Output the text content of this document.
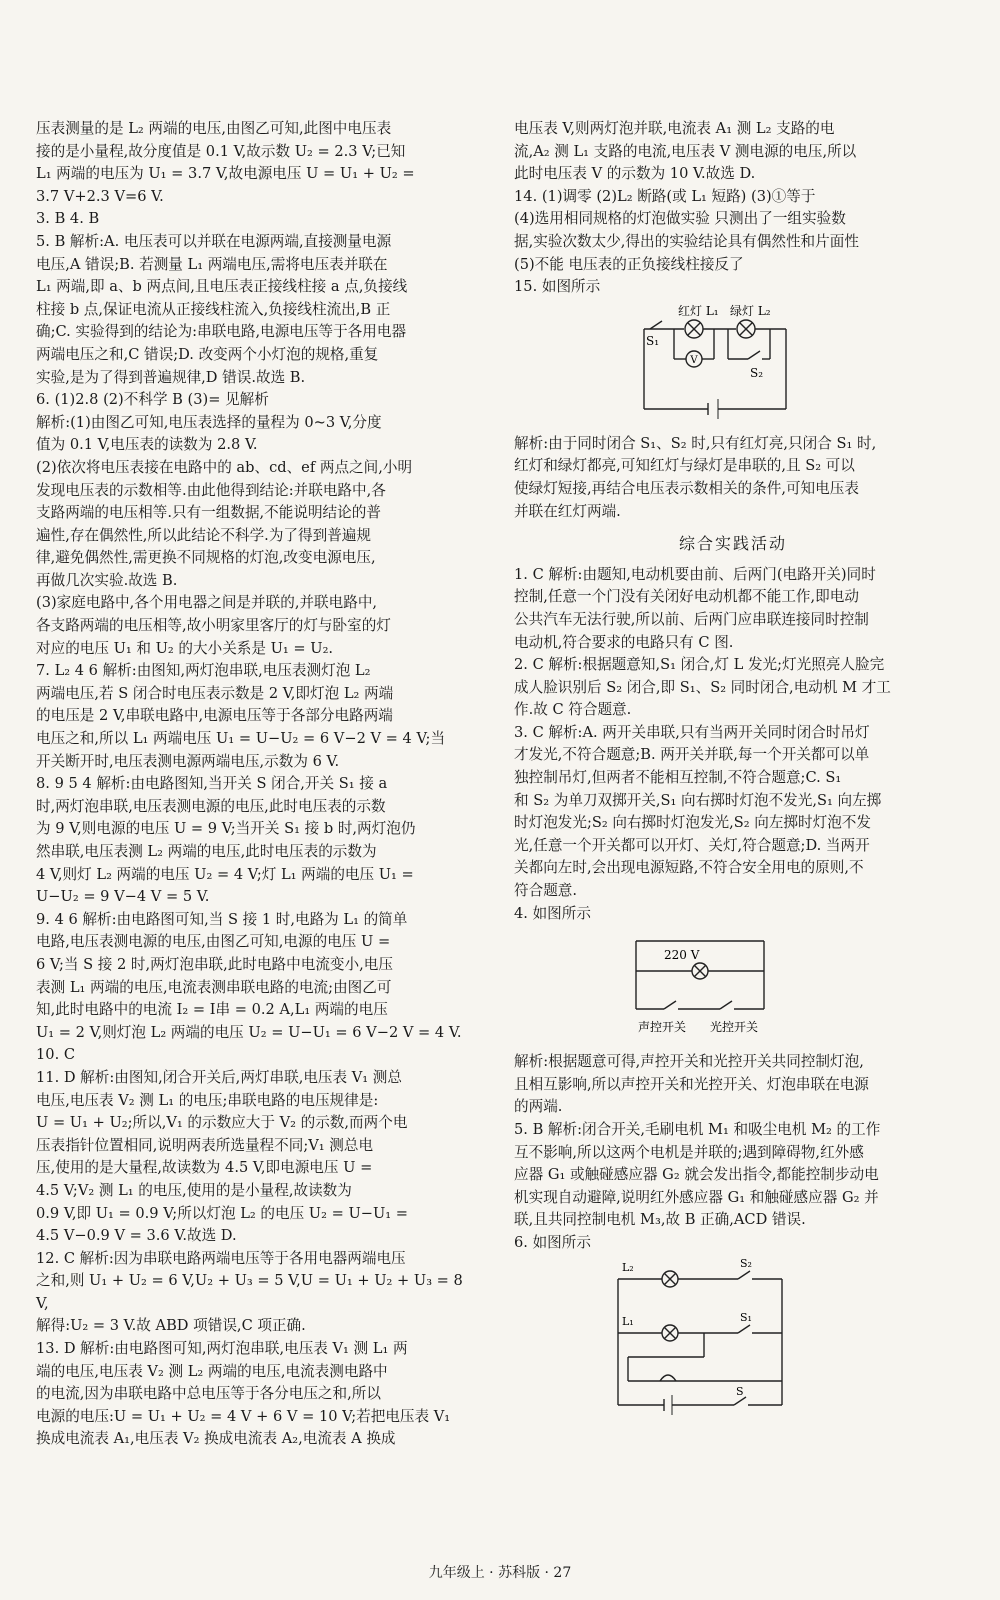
压表测量的是 L₂ 两端的电压,由图乙可知,此图中电压表
接的是小量程,故分度值是 0.1 V,故示数 U₂ = 2.3 V;已知
L₁ 两端的电压为 U₁ = 3.7 V,故电源电压 U = U₁ + U₂ =
3.7 V+2.3 V=6 V.
3. B 4. B
5. B 解析:A. 电压表可以并联在电源两端,直接测量电源
电压,A 错误;B. 若测量 L₁ 两端电压,需将电压表并联在
L₁ 两端,即 a、b 两点间,且电压表正接线柱接 a 点,负接线
柱接 b 点,保证电流从正接线柱流入,负接线柱流出,B 正
确;C. 实验得到的结论为:串联电路,电源电压等于各用电器
两端电压之和,C 错误;D. 改变两个小灯泡的规格,重复
实验,是为了得到普遍规律,D 错误.故选 B.
6. (1)2.8 (2)不科学 B (3)= 见解析
解析:(1)由图乙可知,电压表选择的量程为 0~3 V,分度
值为 0.1 V,电压表的读数为 2.8 V.
(2)依次将电压表接在电路中的 ab、cd、ef 两点之间,小明
发现电压表的示数相等.由此他得到结论:并联电路中,各
支路两端的电压相等.只有一组数据,不能说明结论的普
遍性,存在偶然性,所以此结论不科学.为了得到普遍规
律,避免偶然性,需更换不同规格的灯泡,改变电源电压,
再做几次实验.故选 B.
(3)家庭电路中,各个用电器之间是并联的,并联电路中,
各支路两端的电压相等,故小明家里客厅的灯与卧室的灯
对应的电压 U₁ 和 U₂ 的大小关系是 U₁ = U₂.
7. L₂ 4 6 解析:由图知,两灯泡串联,电压表测灯泡 L₂
两端电压,若 S 闭合时电压表示数是 2 V,即灯泡 L₂ 两端
的电压是 2 V,串联电路中,电源电压等于各部分电路两端
电压之和,所以 L₁ 两端电压 U₁ = U−U₂ = 6 V−2 V = 4 V;当
开关断开时,电压表测电源两端电压,示数为 6 V.
8. 9 5 4 解析:由电路图知,当开关 S 闭合,开关 S₁ 接 a
时,两灯泡串联,电压表测电源的电压,此时电压表的示数
为 9 V,则电源的电压 U = 9 V;当开关 S₁ 接 b 时,两灯泡仍
然串联,电压表测 L₂ 两端的电压,此时电压表的示数为
4 V,则灯 L₂ 两端的电压 U₂ = 4 V;灯 L₁ 两端的电压 U₁ =
U−U₂ = 9 V−4 V = 5 V.
9. 4 6 解析:由电路图可知,当 S 接 1 时,电路为 L₁ 的简单
电路,电压表测电源的电压,由图乙可知,电源的电压 U =
6 V;当 S 接 2 时,两灯泡串联,此时电路中电流变小,电压
表测 L₁ 两端的电压,电流表测串联电路的电流;由图乙可
知,此时电路中的电流 I₂ = I串 = 0.2 A,L₁ 两端的电压
U₁ = 2 V,则灯泡 L₂ 两端的电压 U₂ = U−U₁ = 6 V−2 V = 4 V.
10. C
11. D 解析:由图知,闭合开关后,两灯串联,电压表 V₁ 测总
电压,电压表 V₂ 测 L₁ 的电压;串联电路的电压规律是:
U = U₁ + U₂;所以,V₁ 的示数应大于 V₂ 的示数,而两个电
压表指针位置相同,说明两表所选量程不同;V₁ 测总电
压,使用的是大量程,故读数为 4.5 V,即电源电压 U =
4.5 V;V₂ 测 L₁ 的电压,使用的是小量程,故读数为
0.9 V,即 U₁ = 0.9 V;所以灯泡 L₂ 的电压 U₂ = U−U₁ =
4.5 V−0.9 V = 3.6 V.故选 D.
12. C 解析:因为串联电路两端电压等于各用电器两端电压
之和,则 U₁ + U₂ = 6 V,U₂ + U₃ = 5 V,U = U₁ + U₂ + U₃ = 8 V,
解得:U₂ = 3 V.故 ABD 项错误,C 项正确.
13. D 解析:由电路图可知,两灯泡串联,电压表 V₁ 测 L₁ 两
端的电压,电压表 V₂ 测 L₂ 两端的电压,电流表测电路中
的电流,因为串联电路中总电压等于各分电压之和,所以
电源的电压:U = U₁ + U₂ = 4 V + 6 V = 10 V;若把电压表 V₁
换成电流表 A₁,电压表 V₂ 换成电流表 A₂,电流表 A 换成
电压表 V,则两灯泡并联,电流表 A₁ 测 L₂ 支路的电
流,A₂ 测 L₁ 支路的电流,电压表 V 测电源的电压,所以
此时电压表 V 的示数为 10 V.故选 D.
14. (1)调零 (2)L₂ 断路(或 L₁ 短路) (3)①等于
(4)选用相同规格的灯泡做实验 只测出了一组实验数
据,实验次数太少,得出的实验结论具有偶然性和片面性
(5)不能 电压表的正负接线柱接反了
15. 如图所示
V
红灯 L₁ 绿灯 L₂
S₁
S₂
解析:由于同时闭合 S₁、S₂ 时,只有红灯亮,只闭合 S₁ 时,
红灯和绿灯都亮,可知红灯与绿灯是串联的,且 S₂ 可以
使绿灯短接,再结合电压表示数相关的条件,可知电压表
并联在红灯两端.
综合实践活动
1. C 解析:由题知,电动机要由前、后两门(电路开关)同时
控制,任意一个门没有关闭好电动机都不能工作,即电动
公共汽车无法行驶,所以前、后两门应串联连接同时控制
电动机,符合要求的电路只有 C 图.
2. C 解析:根据题意知,S₁ 闭合,灯 L 发光;灯光照亮人脸完
成人脸识别后 S₂ 闭合,即 S₁、S₂ 同时闭合,电动机 M 才工
作.故 C 符合题意.
3. C 解析:A. 两开关串联,只有当两开关同时闭合时吊灯
才发光,不符合题意;B. 两开关并联,每一个开关都可以单
独控制吊灯,但两者不能相互控制,不符合题意;C. S₁
和 S₂ 为单刀双掷开关,S₁ 向右掷时灯泡不发光,S₁ 向左掷
时灯泡发光;S₂ 向右掷时灯泡发光,S₂ 向左掷时灯泡不发
光,任意一个开关都可以开灯、关灯,符合题意;D. 当两开
关都向左时,会出现电源短路,不符合安全用电的原则,不
符合题意.
4. 如图所示
220 V
声控开关 光控开关
解析:根据题意可得,声控开关和光控开关共同控制灯泡,
且相互影响,所以声控开关和光控开关、灯泡串联在电源
的两端.
5. B 解析:闭合开关,毛刷电机 M₁ 和吸尘电机 M₂ 的工作
互不影响,所以这两个电机是并联的;遇到障碍物,红外感
应器 G₁ 或触碰感应器 G₂ 就会发出指令,都能控制步动电
机实现自动避障,说明红外感应器 G₁ 和触碰感应器 G₂ 并
联,且共同控制电机 M₃,故 B 正确,ACD 错误.
6. 如图所示
L₂
L₁
S₂
S₁
S
九年级上 · 苏科版 · 27
